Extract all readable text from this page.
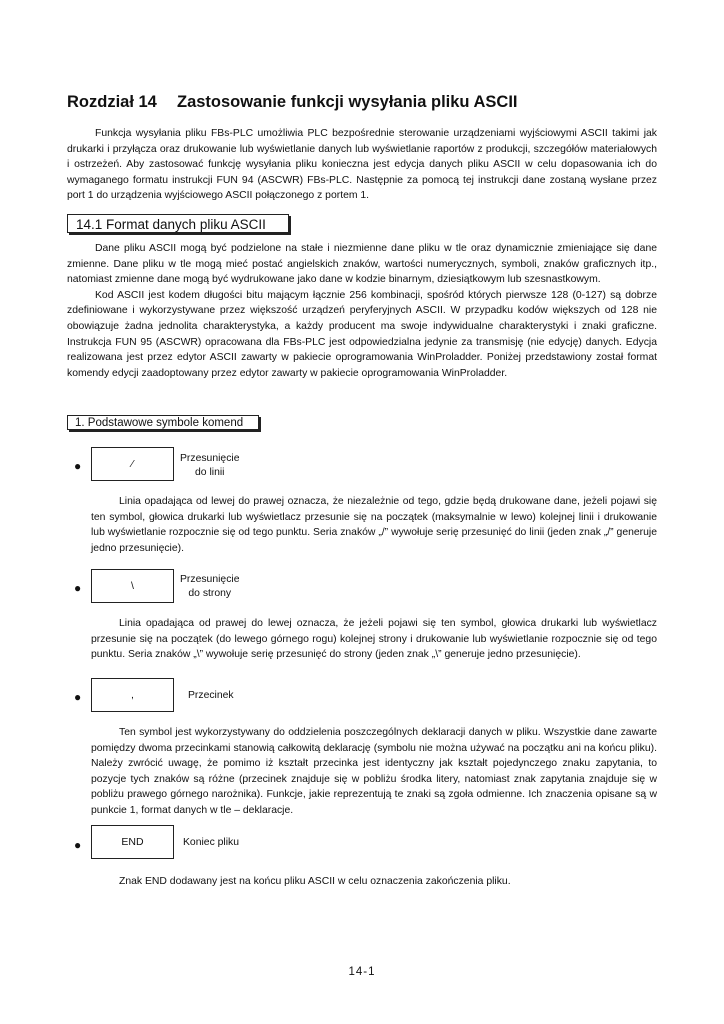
Rozdział 14 Zastosowanie funkcji wysyłania pliku ASCII

Funkcja wysyłania pliku FBs-PLC umożliwia PLC bezpośrednie sterowanie urządzeniami wyjściowymi ASCII takimi jak drukarki i przyłącza oraz drukowanie lub wyświetlanie danych lub wyświetlanie raportów z produkcji, szczegółów materiałowych i ostrzeżeń. Aby zastosować funkcję wysyłania pliku konieczna jest edycja danych pliku ASCII w celu dopasowania ich do wymaganego formatu instrukcji FUN 94 (ASCWR) FBs-PLC. Następnie za pomocą tej instrukcji dane zostaną wysłane przez port 1 do urządzenia wyjściowego ASCII połączonego z portem 1.

14.1 Format danych pliku ASCII

Dane pliku ASCII mogą być podzielone na stałe i niezmienne dane pliku w tle oraz dynamicznie zmieniające się dane zmienne. Dane pliku w tle mogą mieć postać angielskich znaków, wartości numerycznych, symboli, znaków graficznych itp., natomiast zmienne dane mogą być wydrukowane jako dane w kodzie binarnym, dziesiątkowym lub szesnastkowym.

Kod ASCII jest kodem długości bitu mającym łącznie 256 kombinacji, spośród których pierwsze 128 (0-127) są dobrze zdefiniowane i wykorzystywane przez większość urządzeń peryferyjnych ASCII. W przypadku kodów większych od 128 nie obowiązuje żadna jednolita charakterystyka, a każdy producent ma swoje indywidualne charakterystyki i znaki graficzne. Instrukcja FUN 95 (ASCWR) opracowana dla FBs-PLC jest odpowiedzialna jedynie za transmisję (nie edycję) danych. Edycja realizowana jest przez edytor ASCII zawarty w pakiecie oprogramowania WinProladder. Poniżej przedstawiony został format komendy edycji zaadoptowany przez edytor zawarty w pakiecie oprogramowania WinProladder.

1. Podstawowe symbole komend
●	⁄	Przesunięcie
do linii

Linia opadająca od lewej do prawej oznacza, że niezależnie od tego, gdzie będą drukowane dane, jeżeli pojawi się ten symbol, głowica drukarki lub wyświetlacz przesunie się na początek (maksymalnie w lewo) kolejnej linii i drukowanie lub wyświetlanie rozpocznie się od tego punktu. Seria znaków „/” wywołuje serię przesunięć do linii (jeden znak „/” generuje jedno przesunięcie).

●	\
Przesunięcie
do strony

Linia opadająca od prawej do lewej oznacza, że jeżeli pojawi się ten symbol, głowica drukarki lub wyświetlacz przesunie się na początek (do lewego górnego rogu) kolejnej strony i drukowanie lub wyświetlanie rozpocznie się od tego punktu. Seria znaków „\” wywołuje serię przesunięć do strony (jeden znak „\” generuje jedno przesunięcie).

●	,	Przecinek

Ten symbol jest wykorzystywany do oddzielenia poszczególnych deklaracji danych w pliku. Wszystkie dane zawarte pomiędzy dwoma przecinkami stanowią całkowitą deklarację (symbolu nie można używać na początku ani na końcu pliku). Należy zwrócić uwagę, że pomimo iż kształt przecinka jest identyczny jak kształt pojedynczego znaku zapytania, to pozycje tych znaków są różne (przecinek znajduje się w pobliżu środka litery, natomiast znak zapytania znajduje się w pobliżu prawego górnego narożnika). Funkcje, jakie reprezentują te znaki są zgoła odmienne. Ich znaczenia opisane są w punkcie 1, format danych w tle – deklaracje.

●	END	Koniec pliku

Znak END dodawany jest na końcu pliku ASCII w celu oznaczenia zakończenia pliku.

14-1
